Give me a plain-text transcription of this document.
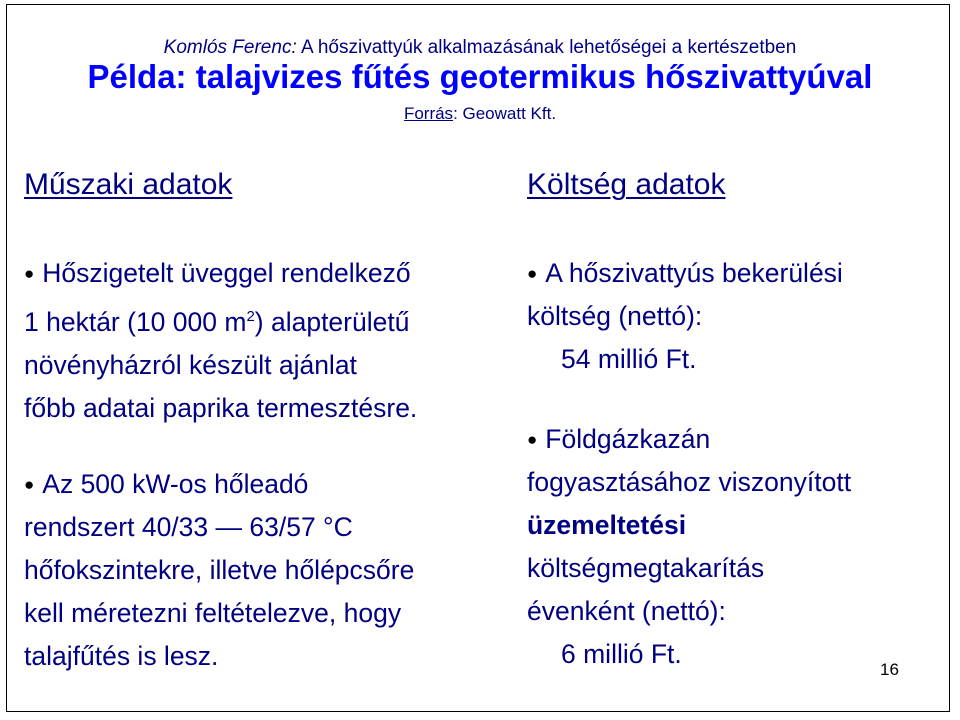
Komlós Ferenc: A hőszivattyúk alkalmazásának lehetőségei a kertészetben
Példa: talajvizes fűtés geotermikus hőszivattyúval
Forrás: Geowatt Kft.
Műszaki adatok	Költség adatok
● Hőszigetelt üveggel rendelkező
1 hektár (10 000 $m^2$) alapterületű
növényházról készült ajánlat
főbb adatai paprika termesztésre.
● Az 500 kW-os hőleadó
rendszert 40/33 — 63/57 °C
hőfokszintekre, illetve hőlépcsőre
kell méretezni feltételezve, hogy
talajfűtés is lesz.
● A hőszivattyús bekerülési
költség (nettó):
54 millió Ft.
● Földgázkazán
fogyasztásához viszonyított
üzemeltetési
költségmegtakarítás
évenként (nettó):
6 millió Ft.
16
